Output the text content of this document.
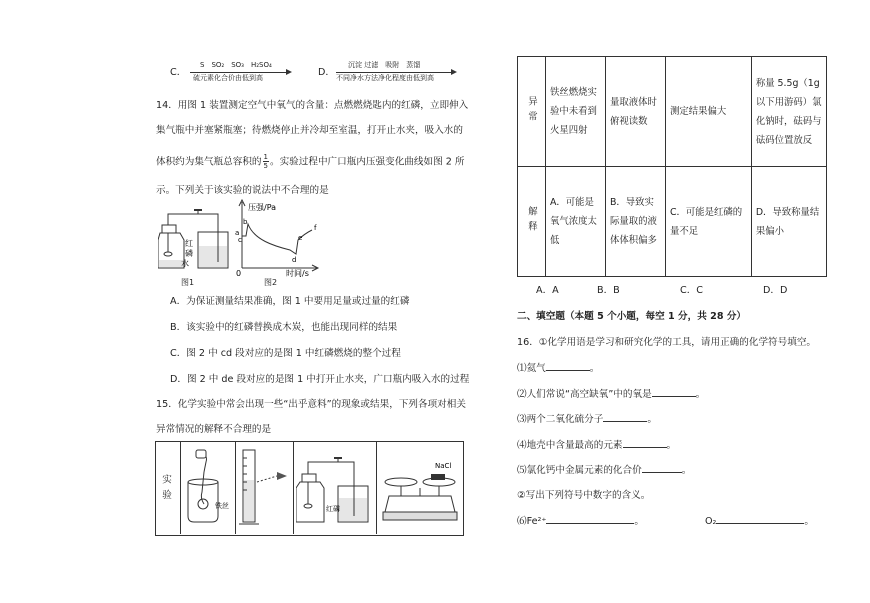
C．
S　SO₂　SO₃　H₂SO₄
硫元素化合价由低到高	D．
沉淀 过滤　吸附　蒸馏
不同净水方法净化程度由低到高
14．用图 1 装置测定空气中氧气的含量：点燃燃烧匙内的红磷，立即伸入
集气瓶中并塞紧瓶塞；待燃烧停止并冷却至室温，打开止水夹，吸入水的
体积约为集气瓶总容积的 $\frac{1}{5}$ 。实验过程中广口瓶内压强变化曲线如图 2 所
示。下列关于该实验的说法中不合理的是
红
磷
水
图1
压强/Pa
时间/s
0
a
b
c
d
e
f
图2
A．为保证测量结果准确，图 1 中要用足量或过量的红磷
B．该实验中的红磷替换成木炭，也能出现同样的结果
C．图 2 中 cd 段对应的是图 1 中红磷燃烧的整个过程
D．图 2 中 de 段对应的是图 1 中打开止水夹，广口瓶内吸入水的过程
15．化学实验中常会出现一些“出乎意料”的现象或结果，下列各项对相关
异常情况的解释不合理的是
实验
铁丝	红磷
NaCl
异常	铁丝燃烧实验中未看到火星四射	量取液体时俯视读数	测定结果偏大	称量 5.5g（1g 以下用游码）氯化钠时，砝码与砝码位置放反

解释	A．可能是氧气浓度太低	B．导致实际量取的液体体积偏多	C．可能是红磷的量不足	D．导致称量结果偏小
A．A	B．B	C．C	D．D
二、填空题（本题 5 个小题，每空 1 分，共 28 分）
16．①化学用语是学习和研究化学的工具，请用正确的化学符号填空。
⑴氦气	。
⑵人们常说“高空缺氧”中的氧是	。
⑶两个二氧化硫分子	。
⑷地壳中含量最高的元素	。
⑸氯化钙中金属元素的化合价	。
②写出下列符号中数字的含义。
⑹Fe²⁺	。	O₂	。
